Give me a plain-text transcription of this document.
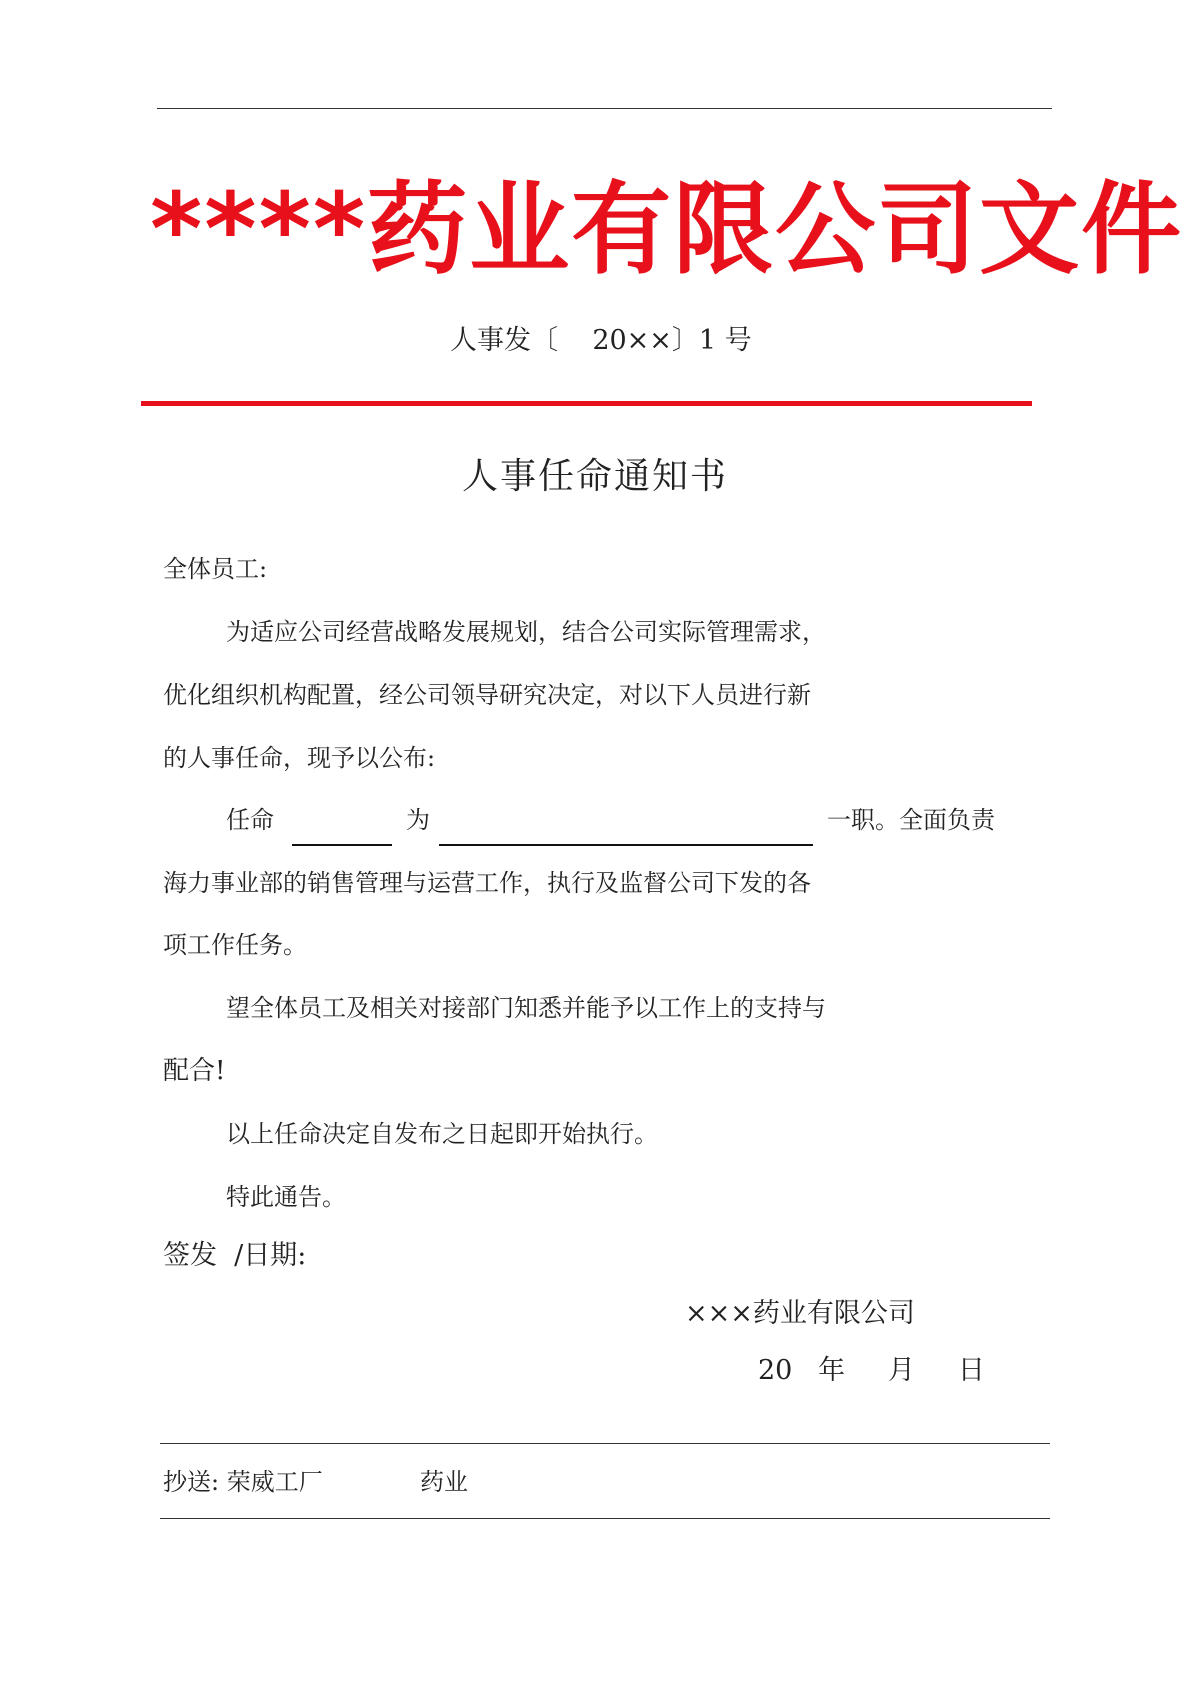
****药业有限公司文件
人事发〔    20××〕1 号
人事任命通知书
全体员工:
为适应公司经营战略发展规划，结合公司实际管理需求，
优化组织机构配置，经公司领导研究决定，对以下人员进行新
的人事任命，现予以公布:
任命	为	一职。全面负责
海力事业部的销售管理与运营工作，执行及监督公司下发的各
项工作任务。
望全体员工及相关对接部门知悉并能予以工作上的支持与
配合!
以上任命决定自发布之日起即开始执行。
特此通告。
签发  /日期:
×××药业有限公司
20   年     月     日
抄送: 荣威工厂	药业
